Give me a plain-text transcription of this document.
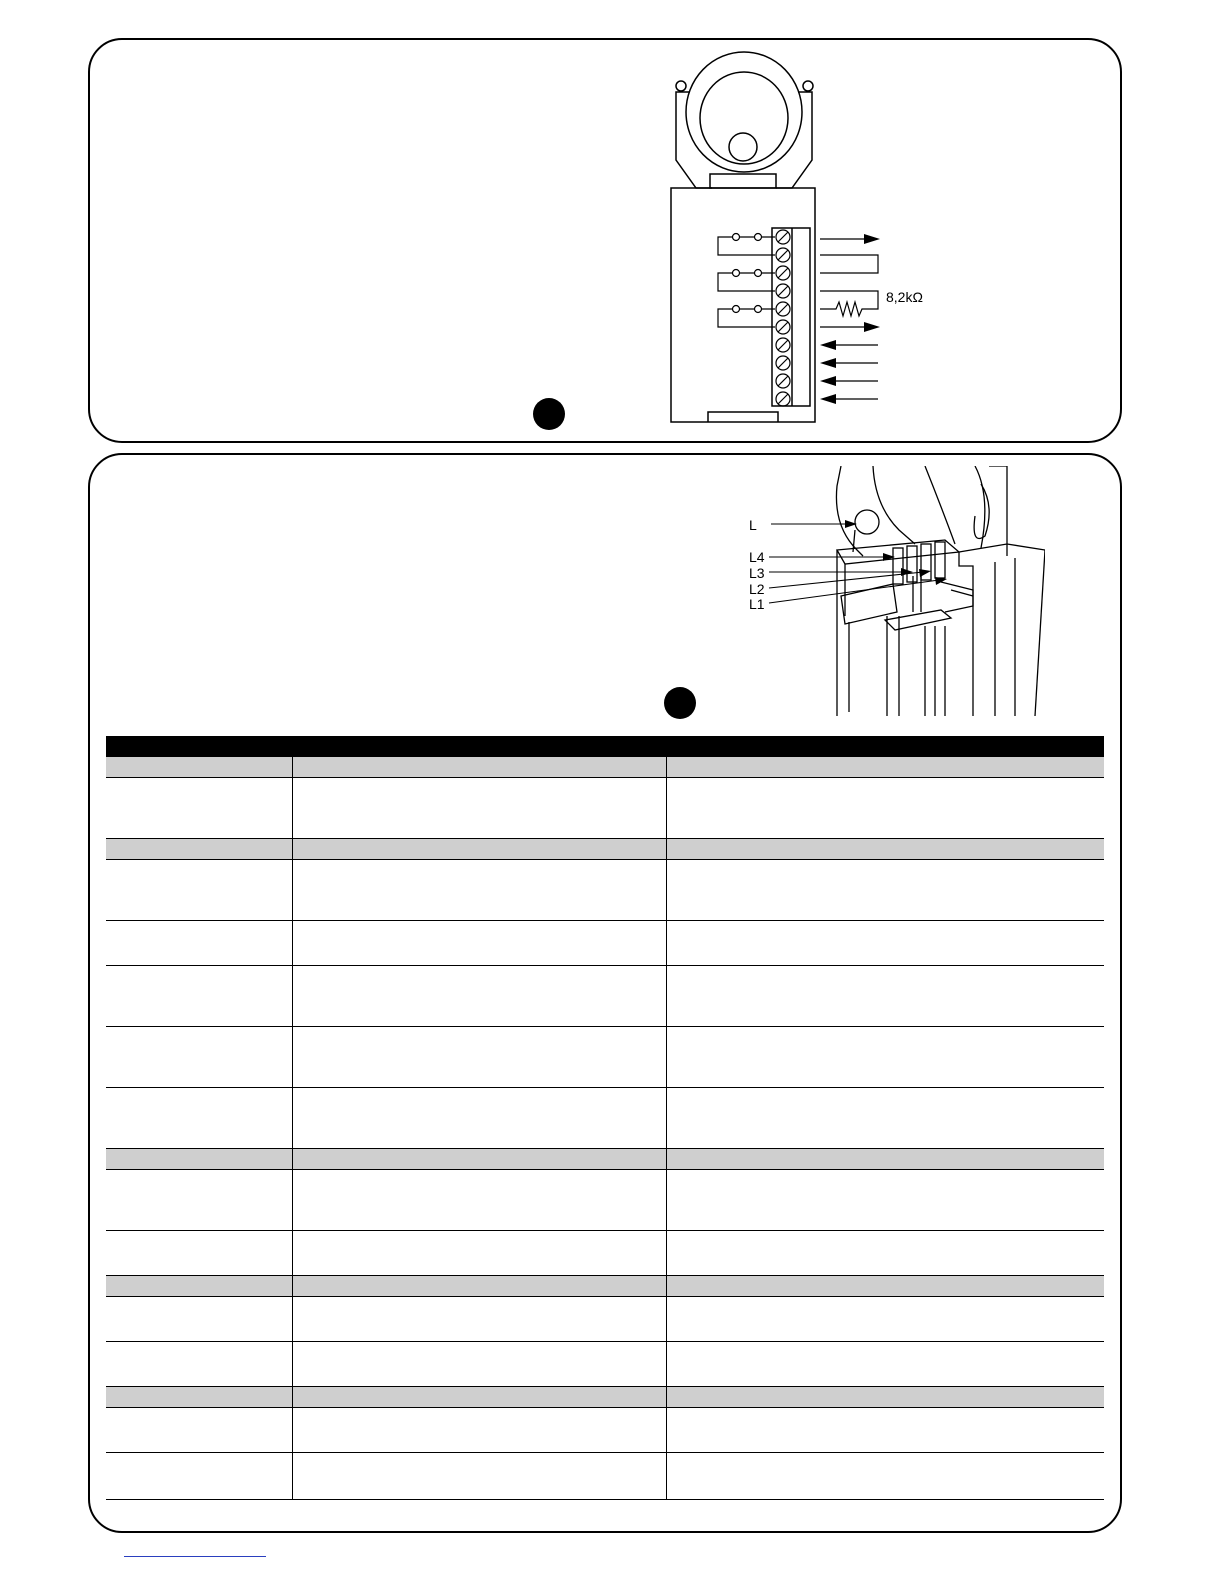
8,2kΩ
L
L4
L3
L2
L1
